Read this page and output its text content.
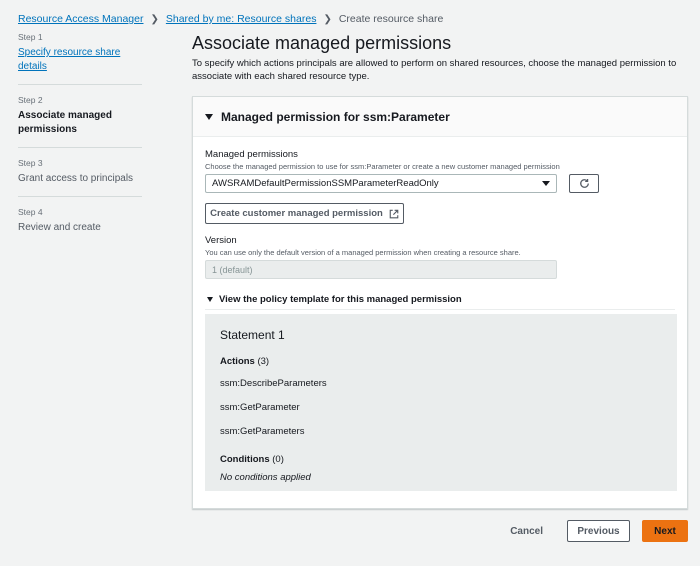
Resource Access Manager ❯ Shared by me: Resource shares ❯ Create resource share
Step 1
Specify resource share details
Step 2
Associate managed permissions
Step 3
Grant access to principals
Step 4
Review and create
Associate managed permissions

To specify which actions principals are allowed to perform on shared resources, choose the managed permission to associate with each shared resource type.

Managed permission for ssm:Parameter
Managed permissions
Choose the managed permission to use for ssm:Parameter or create a new customer managed permission
AWSRAMDefaultPermissionSSMParameterReadOnly
Create customer managed permission
Version
You can use only the default version of a managed permission when creating a resource share.
1 (default)
View the policy template for this managed permission
Statement 1
Actions (3)
ssm:DescribeParameters
ssm:GetParameter
ssm:GetParameters
Conditions (0)
No conditions applied
Cancel	Previous	Next
